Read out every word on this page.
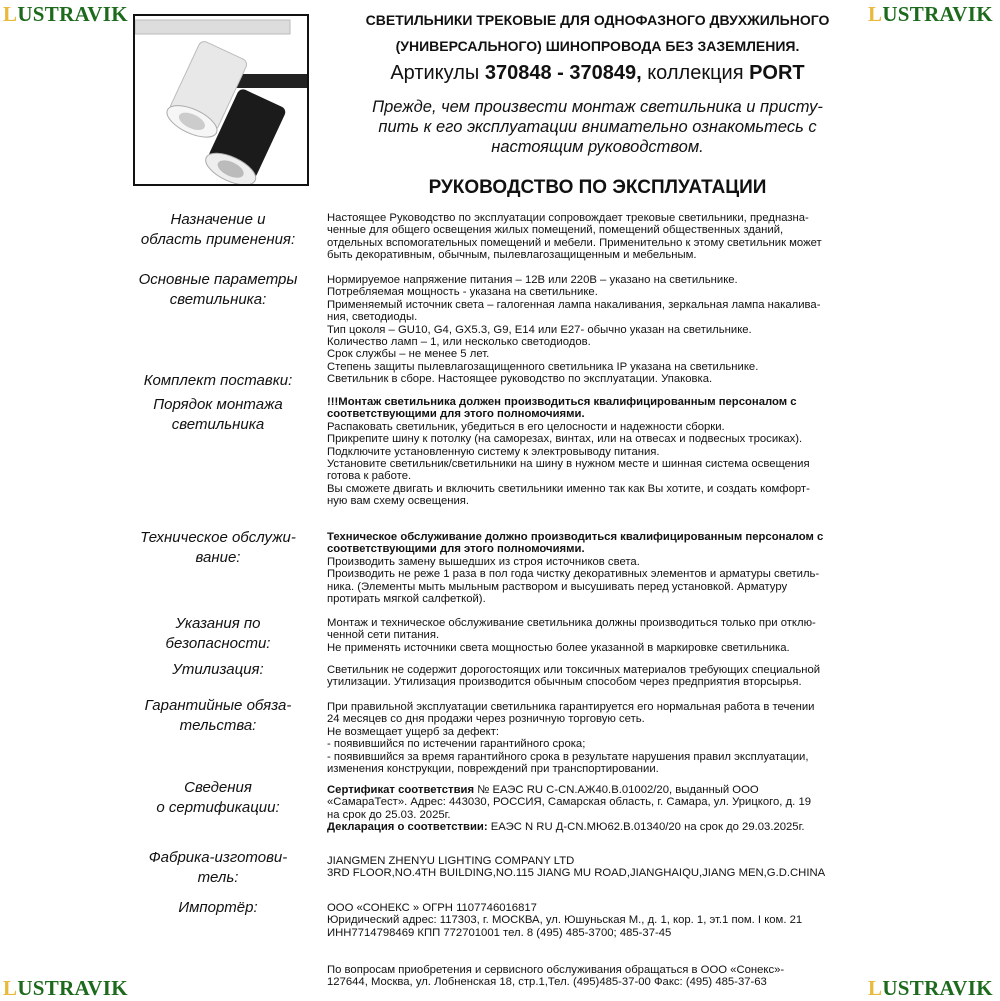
LUSTRAVIK	LUSTRAVIK
LUSTRAVIK	LUSTRAVIK
СВЕТИЛЬНИКИ ТРЕКОВЫЕ ДЛЯ ОДНОФАЗНОГО ДВУХЖИЛЬНОГО
(УНИВЕРСАЛЬНОГО) ШИНОПРОВОДА БЕЗ ЗАЗЕМЛЕНИЯ.
Артикулы 370848 - 370849, коллекция PORT
Прежде, чем произвести монтаж светильника и присту-
пить к его эксплуатации внимательно ознакомьтесь с
настоящим руководством.
РУКОВОДСТВО ПО ЭКСПЛУАТАЦИИ
Назначение и
область применения:
Настоящее Руководство по эксплуатации сопровождает трековые светильники, предназна-
ченные для общего освещения жилых помещений, помещений общественных зданий,
отдельных вспомогательных помещений и мебели. Применительно к этому светильник может
быть декоративным, обычным, пылевлагозащищенным и мебельным.
Основные параметры
светильника:
Нормируемое напряжение питания – 12В или 220В – указано на светильнике.
Потребляемая мощность - указана на светильнике.
Применяемый источник света – галогенная лампа накаливания, зеркальная лампа накалива-
ния, светодиоды.
Тип цоколя – GU10, G4, GX5.3, G9, E14 или E27- обычно указан на светильнике.
Количество ламп – 1, или несколько светодиодов.
Срок службы – не менее 5 лет.
Степень защиты пылевлагозащищенного светильника IP указана на светильнике.
Комплект поставки:	Светильник в сборе. Настоящее руководство по эксплуатации. Упаковка.
Порядок монтажа
светильника
!!!Монтаж светильника должен производиться квалифицированным персоналом с
соответствующими для этого полномочиями.
Распаковать светильник, убедиться в его целосности и надежности сборки.
Прикрепите шину к потолку (на саморезах, винтах, или на отвесах и подвесных тросиках).
Подключите установленную систему к электровыводу питания.
Установите светильник/светильники на шину в нужном месте и шинная система освещения
готова к работе.
Вы сможете двигать и включить светильники именно так как Вы хотите, и создать комфорт-
ную вам схему освещения.
Техническое обслужи-
вание:
Техническое обслуживание должно производиться квалифицированным персоналом с
соответствующими для этого полномочиями.
Производить замену вышедших из строя источников света.
Производить не реже 1 раза в пол года чистку декоративных элементов и арматуры светиль-
ника. (Элементы мыть мыльным раствором и высушивать перед установкой. Арматуру
протирать мягкой салфеткой).
Указания по
безопасности:
Монтаж и техническое обслуживание светильника должны производиться только при отклю-
ченной сети питания.
Не применять источники света мощностью более указанной в маркировке светильника.
Утилизация:	Светильник не содержит дорогостоящих или токсичных материалов требующих специальной
утилизации. Утилизация производится обычным способом через предприятия вторсырья.
Гарантийные обяза-
тельства:
При правильной эксплуатации светильника гарантируется его нормальная работа в течении
24 месяцев со дня продажи через розничную торговую сеть.
Не возмещает ущерб за дефект:
- появившийся по истечении гарантийного срока;
- появившийся за время гарантийного срока в результате нарушения правил эксплуатации,
изменения конструкции, повреждений при транспортировании.
Сведения
о сертификации:
Сертификат соответствия № ЕАЭС RU C-CN.АЖ40.В.01002/20, выданный ООО
«СамараТест». Адрес: 443030, РОССИЯ, Самарская область, г. Самара, ул. Урицкого, д. 19
на срок до 25.03. 2025г.
Декларация о соответствии: ЕАЭС N RU Д-CN.МЮ62.В.01340/20 на срок до 29.03.2025г.
Фабрика-изготови-
тель:
JIANGMEN ZHENYU LIGHTING COMPANY LTD
3RD FLOOR,NO.4TH BUILDING,NO.115 JIANG MU ROAD,JIANGHAIQU,JIANG MEN,G.D.CHINA
Импортёр:	ООО «СОНЕКС » ОГРН 1107746016817
Юридический адрес: 117303, г. МОСКВА, ул. Юшуньская М., д. 1, кор. 1, эт.1 пом. I ком. 21
ИНН7714798469 КПП 772701001 тел. 8 (495) 485-3700; 485-37-45
По вопросам приобретения и сервисного обслуживания обращаться в ООО «Сонекс»-
127644, Москва, ул. Лобненская 18, стр.1,Тел. (495)485-37-00 Факс: (495) 485-37-63
